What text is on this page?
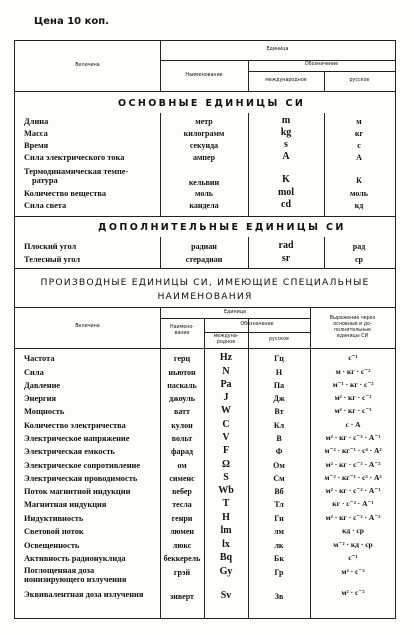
Цена 10 коп.
Величина
Единица
Наименование
Обозначение
международное	русское
ОСНОВНЫЕ ЕДИНИЦЫ СИ
Длина	метр	m	м
Масса	килограмм	kg	кг
Время	секунда	s	с
Сила электрического тока	ампер	A	А
Термодинамическая темпе-
ратура	кельвин	K	К
Количество вещества	моль	mol	моль
Сила света	кандела	cd	кд
ДОПОЛНИТЕЛЬНЫЕ ЕДИНИЦЫ СИ
Плоский угол	радиан	rad	рад
Телесный угол	стерадиан	sr	ср
ПРОИЗВОДНЫЕ ЕДИНИЦЫ СИ, ИМЕЮЩИЕ СПЕЦИАЛЬНЫЕ
НАИМЕНОВАНИЯ
Величина
Единица
Наимено-
вание
Обозначение
междуна-
родное
русское
Выражение через
основные и до-
полнительные
единицы СИ
Частота	герц	Hz	Гц	с⁻¹
Сила	ньютон	N	Н	м · кг · с⁻²
Давление	паскаль	Pa	Па	м⁻¹ · кг · с⁻²
Энергия	джоуль	J	Дж	м² · кг · с⁻²
Мощность	ватт	W	Вт	м² · кг · с⁻³
Количество электричества	кулон	C	Кл	с · А
Электрическое напряжение	вольт	V	В	м² · кг · с⁻³ · А⁻¹
Электрическая емкость	фарад	F	Ф	м⁻² · кг⁻¹ · с⁴ · А²
Электрическое сопротивление	ом	Ω	Ом	м² · кг · с⁻³ · А⁻²
Электрическая проводимость	сименс	S	См	м⁻² · кг⁻¹ · с³ · А²
Поток магнитной индукции	вебер	Wb	Вб	м² · кг · с⁻² · А⁻¹
Магнитная индукция	тесла	T	Тл	кг · с⁻² · А⁻¹
Индуктивность	генри	H	Гн	м² · кг · с⁻² · А⁻²
Световой поток	люмен	lm	лм	кд · ср
Освещенность	люкс	lx	лк	м⁻² · кд · ср
Активность радионуклида	беккерель	Bq	Бк	с⁻¹
Поглощенная доза
ионизирующего излучения
грэй	Gy	Гр	м² · с⁻²
Эквивалентная доза излучения	зиверт	Sv	Зв	м² · с⁻²
